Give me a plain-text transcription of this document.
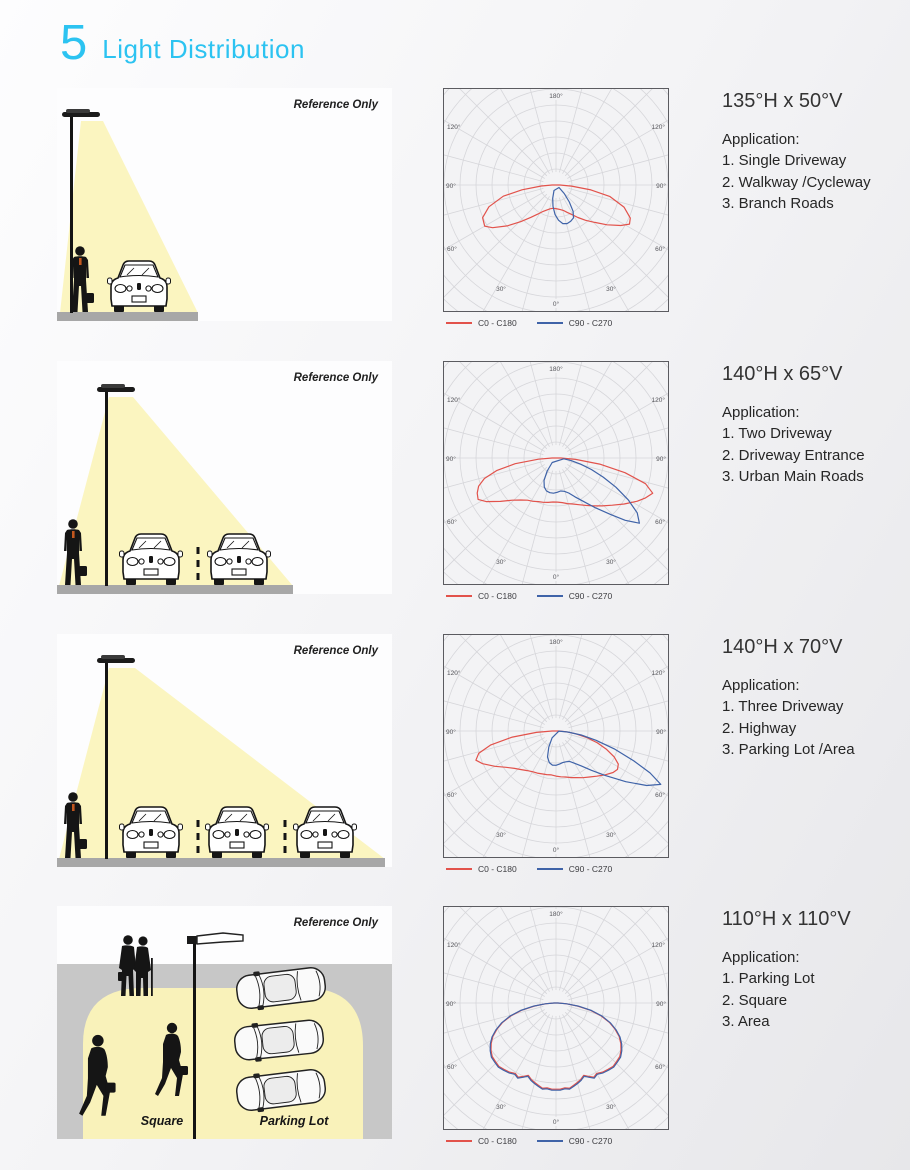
5 Light Distribution
Reference Only
180°
120°	120°
90°	90°
60°	60°
30°	30°
0°
C0 - C180	C90 - C270
135°H x 50°V
Application:
1. Single Driveway
2. Walkway /Cycleway
3. Branch Roads
Reference Only
180°
120°	120°
90°	90°
60°	60°
30°	30°
0°
C0 - C180	C90 - C270
140°H x 65°V
Application:
1. Two Driveway
2. Driveway Entrance
3. Urban Main Roads
Reference Only
180°
120°	120°
90°	90°
60°	60°
30°	30°
0°
C0 - C180	C90 - C270
140°H x 70°V
Application:
1. Three Driveway
2. Highway
3. Parking Lot /Area
Reference Only
Square	Parking Lot
180°
120°	120°
90°	90°
60°	60°
30°	30°
0°
C0 - C180	C90 - C270
110°H x 110°V
Application:
1. Parking Lot
2. Square
3. Area
